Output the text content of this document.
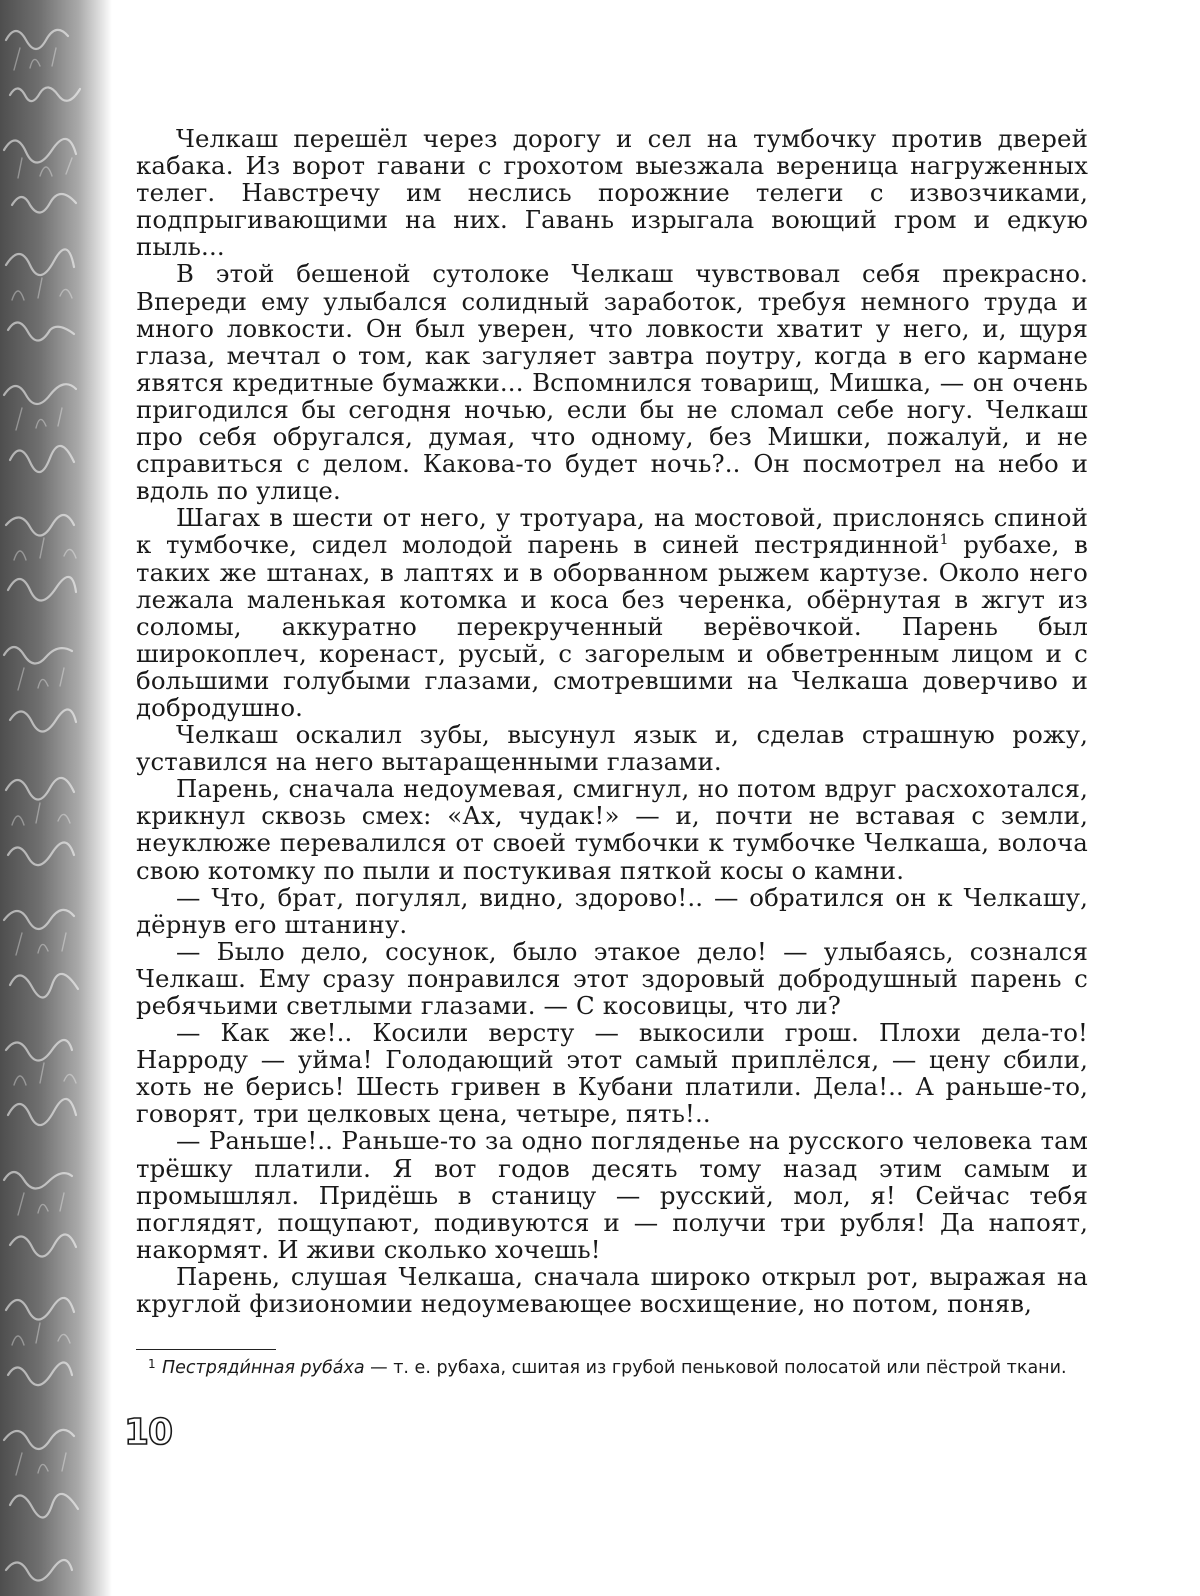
Челкаш перешёл через дорогу и сел на тумбочку против дверей кабака. Из ворот гавани с грохотом выезжала вереница нагруженных телег. Навстречу им неслись порожние телеги с извозчиками, подпрыгивающими на них. Гавань изрыгала воющий гром и едкую пыль...

В этой бешеной сутолоке Челкаш чувствовал себя прекрасно. Впереди ему улыбался солидный заработок, требуя немного труда и много ловкости. Он был уверен, что ловкости хватит у него, и, щуря глаза, мечтал о том, как загуляет завтра поутру, когда в его кармане явятся кредитные бумажки... Вспомнился товарищ, Мишка, — он очень пригодился бы сегодня ночью, если бы не сломал себе ногу. Челкаш про себя обругался, думая, что одному, без Мишки, пожалуй, и не справиться с делом. Какова-то будет ночь?.. Он посмотрел на небо и вдоль по улице.

Шагах в шести от него, у тротуара, на мостовой, прислонясь спиной к тумбочке, сидел молодой парень в синей пестрядинной$^1$ рубахе, в таких же штанах, в лаптях и в оборванном рыжем картузе. Около него лежала маленькая котомка и коса без черенка, обёрнутая в жгут из соломы, аккуратно перекрученный верёвочкой. Парень был широкоплеч, коренаст, русый, с загорелым и обветренным лицом и с большими голубыми глазами, смотревшими на Челкаша доверчиво и добродушно.

Челкаш оскалил зубы, высунул язык и, сделав страшную рожу, уставился на него вытаращенными глазами.

Парень, сначала недоумевая, смигнул, но потом вдруг расхохотался, крикнул сквозь смех: «Ах, чудак!» — и, почти не вставая с земли, неуклюже перевалился от своей тумбочки к тумбочке Челкаша, волоча свою котомку по пыли и постукивая пяткой косы о камни.

— Что, брат, погулял, видно, здорово!.. — обратился он к Челкашу, дёрнув его штанину.

— Было дело, сосунок, было этакое дело! — улыбаясь, сознался Челкаш. Ему сразу понравился этот здоровый добродушный парень с ребячьими светлыми глазами. — С косовицы, что ли?

— Как же!.. Косили версту — выкосили грош. Плохи дела-то! Нарроду — уйма! Голодающий этот самый приплёлся, — цену сбили, хоть не берись! Шесть гривен в Кубани платили. Дела!.. А раньше-то, говорят, три целковых цена, четыре, пять!..

— Раньше!.. Раньше-то за одно погляденье на русского человека там трёшку платили. Я вот годов десять тому назад этим самым и промышлял. Придёшь в станицу — русский, мол, я! Сейчас тебя поглядят, пощупают, подивуются и — получи три рубля! Да напоят, накормят. И живи сколько хочешь!

Парень, слушая Челкаша, сначала широко открыл рот, выражая на круглой физиономии недоумевающее восхищение, но потом, поняв,

1 Пестряди́нная руба́ха — т. е. рубаха, сшитая из грубой пеньковой полосатой или пёстрой ткани.
10
